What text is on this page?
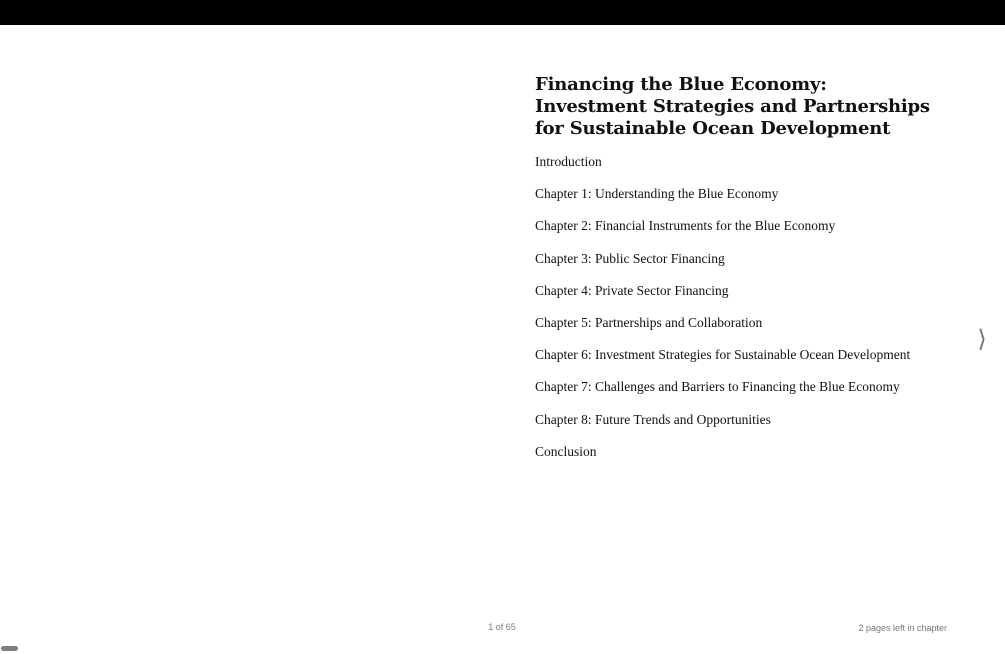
Financing the Blue Economy: Investment Strategies and Partnerships for Sustainable Ocean Development
Introduction
Chapter 1: Understanding the Blue Economy
Chapter 2: Financial Instruments for the Blue Economy
Chapter 3: Public Sector Financing
Chapter 4: Private Sector Financing
Chapter 5: Partnerships and Collaboration
Chapter 6: Investment Strategies for Sustainable Ocean Development
Chapter 7: Challenges and Barriers to Financing the Blue Economy
Chapter 8: Future Trends and Opportunities
Conclusion
⟩
1 of 65	2 pages left in chapter
